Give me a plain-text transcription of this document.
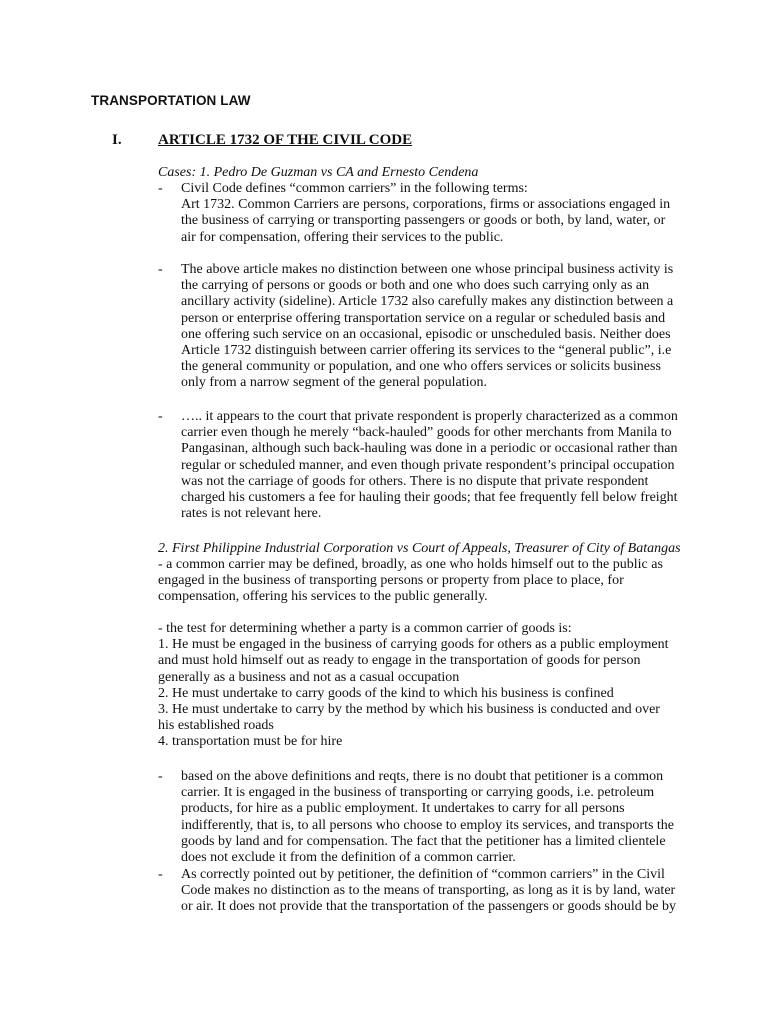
TRANSPORTATION LAW
I. ARTICLE 1732 OF THE CIVIL CODE
Cases: 1. Pedro De Guzman vs CA and Ernesto Cendena
- Civil Code defines “common carriers” in the following terms:
Art 1732. Common Carriers are persons, corporations, firms or associations engaged in the business of carrying or transporting passengers or goods or both, by land, water, or air for compensation, offering their services to the public.
- The above article makes no distinction between one whose principal business activity is the carrying of persons or goods or both and one who does such carrying only as an ancillary activity (sideline). Article 1732 also carefully makes any distinction between a person or enterprise offering transportation service on a regular or scheduled basis and one offering such service on an occasional, episodic or unscheduled basis. Neither does Article 1732 distinguish between carrier offering its services to the “general public”, i.e the general community or population, and one who offers services or solicits business only from a narrow segment of the general population.
- ….. it appears to the court that private respondent is properly characterized as a common carrier even though he merely “back-hauled” goods for other merchants from Manila to Pangasinan, although such back-hauling was done in a periodic or occasional rather than regular or scheduled manner, and even though private respondent’s principal occupation was not the carriage of goods for others. There is no dispute that private respondent charged his customers a fee for hauling their goods; that fee frequently fell below freight rates is not relevant here.
2. First Philippine Industrial Corporation vs Court of Appeals, Treasurer of City of Batangas

- a common carrier may be defined, broadly, as one who holds himself out to the public as engaged in the business of transporting persons or property from place to place, for compensation, offering his services to the public generally.

- the test for determining whether a party is a common carrier of goods is:

1. He must be engaged in the business of carrying goods for others as a public employment and must hold himself out as ready to engage in the transportation of goods for person generally as a business and not as a casual occupation

2. He must undertake to carry goods of the kind to which his business is confined

3. He must undertake to carry by the method by which his business is conducted and over his established roads

4. transportation must be for hire

- based on the above definitions and reqts, there is no doubt that petitioner is a common carrier. It is engaged in the business of transporting or carrying goods, i.e. petroleum products, for hire as a public employment. It undertakes to carry for all persons indifferently, that is, to all persons who choose to employ its services, and transports the goods by land and for compensation. The fact that the petitioner has a limited clientele does not exclude it from the definition of a common carrier.
- As correctly pointed out by petitioner, the definition of “common carriers” in the Civil Code makes no distinction as to the means of transporting, as long as it is by land, water or air. It does not provide that the transportation of the passengers or goods should be by
